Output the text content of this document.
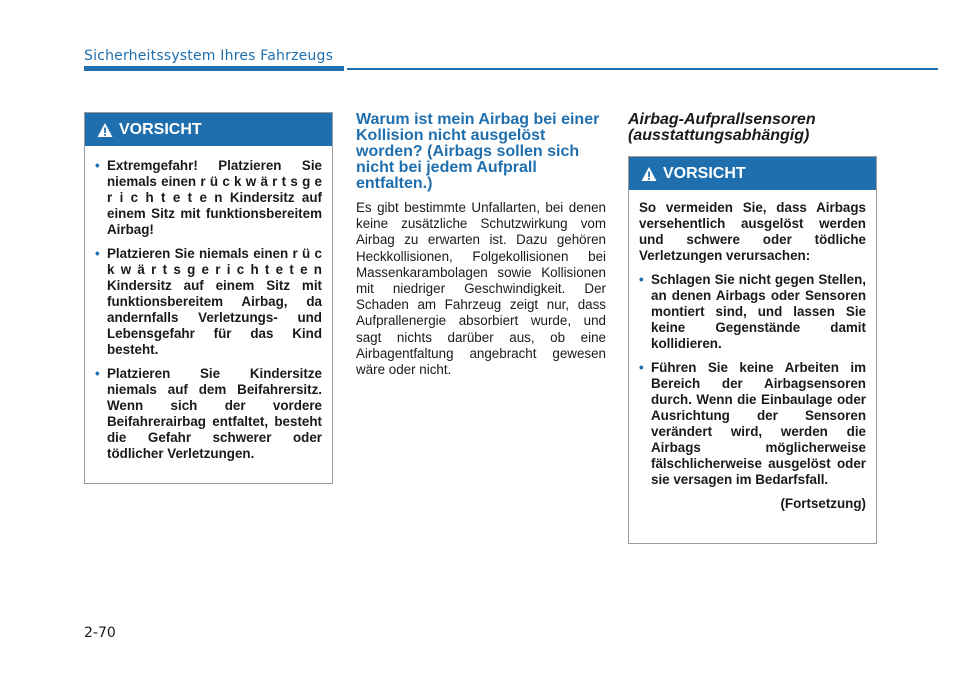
Sicherheitssystem Ihres Fahrzeugs
VORSICHT
• Extremgefahr! Platzieren Sie niemals einen r ü c k w ä r t s g e r i c h t e t e n Kindersitz auf einem Sitz mit funktionsbereitem Airbag!
• Platzieren Sie niemals einen r ü c k w ä r t s g e r i c h t e t e n Kindersitz auf einem Sitz mit funktionsbereitem Airbag, da andernfalls Verletzungs- und Lebensgefahr für das Kind besteht.
• Platzieren Sie Kindersitze niemals auf dem Beifahrersitz. Wenn sich der vordere Beifahrerairbag entfaltet, besteht die Gefahr schwerer oder tödlicher Verletzungen.
Warum ist mein Airbag bei einer Kollision nicht ausgelöst worden? (Airbags sollen sich nicht bei jedem Aufprall entfalten.)
Es gibt bestimmte Unfallarten, bei denen keine zusätzliche Schutzwirkung vom Airbag zu erwarten ist. Dazu gehören Heckkollisionen, Folgekollisionen bei Massenkarambolagen sowie Kollisionen mit niedriger Geschwindigkeit. Der Schaden am Fahrzeug zeigt nur, dass Aufprallenergie absorbiert wurde, und sagt nichts darüber aus, ob eine Airbagentfaltung angebracht gewesen wäre oder nicht.
Airbag-Aufprallsensoren (ausstattungsabhängig)
VORSICHT

So vermeiden Sie, dass Airbags versehentlich ausgelöst werden und schwere oder tödliche Verletzungen verursachen:

• Schlagen Sie nicht gegen Stellen, an denen Airbags oder Sensoren montiert sind, und lassen Sie keine Gegenstände damit kollidieren.
• Führen Sie keine Arbeiten im Bereich der Airbagsensoren durch. Wenn die Einbaulage oder Ausrichtung der Sensoren verändert wird, werden die Airbags möglicherweise fälschlicherweise ausgelöst oder sie versagen im Bedarfsfall.
(Fortsetzung)
2-70
